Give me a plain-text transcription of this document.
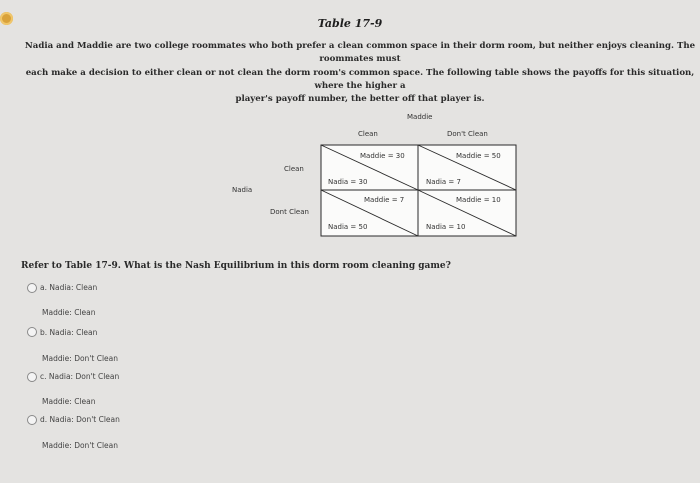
Table 17-9
Nadia and Maddie are two college roommates who both prefer a clean common space in their dorm room, but neither enjoys cleaning. The roommates must
each make a decision to either clean or not clean the dorm room's common space. The following table shows the payoffs for this situation, where the higher a
player's payoff number, the better off that player is.
Maddie
Clean	Don't Clean
Nadia
Clean
Dont Clean
Maddie = 30
Nadia = 30
Maddie = 50
Nadia = 7
Maddie = 7
Nadia = 50
Maddie = 10
Nadia = 10
Refer to Table 17-9. What is the Nash Equilibrium in this dorm room cleaning game?
a. Nadia: Clean
Maddie: Clean
b. Nadia: Clean
Maddie: Don't Clean
c. Nadia: Don't Clean
Maddie: Clean
d. Nadia: Don't Clean
Maddie: Don't Clean
